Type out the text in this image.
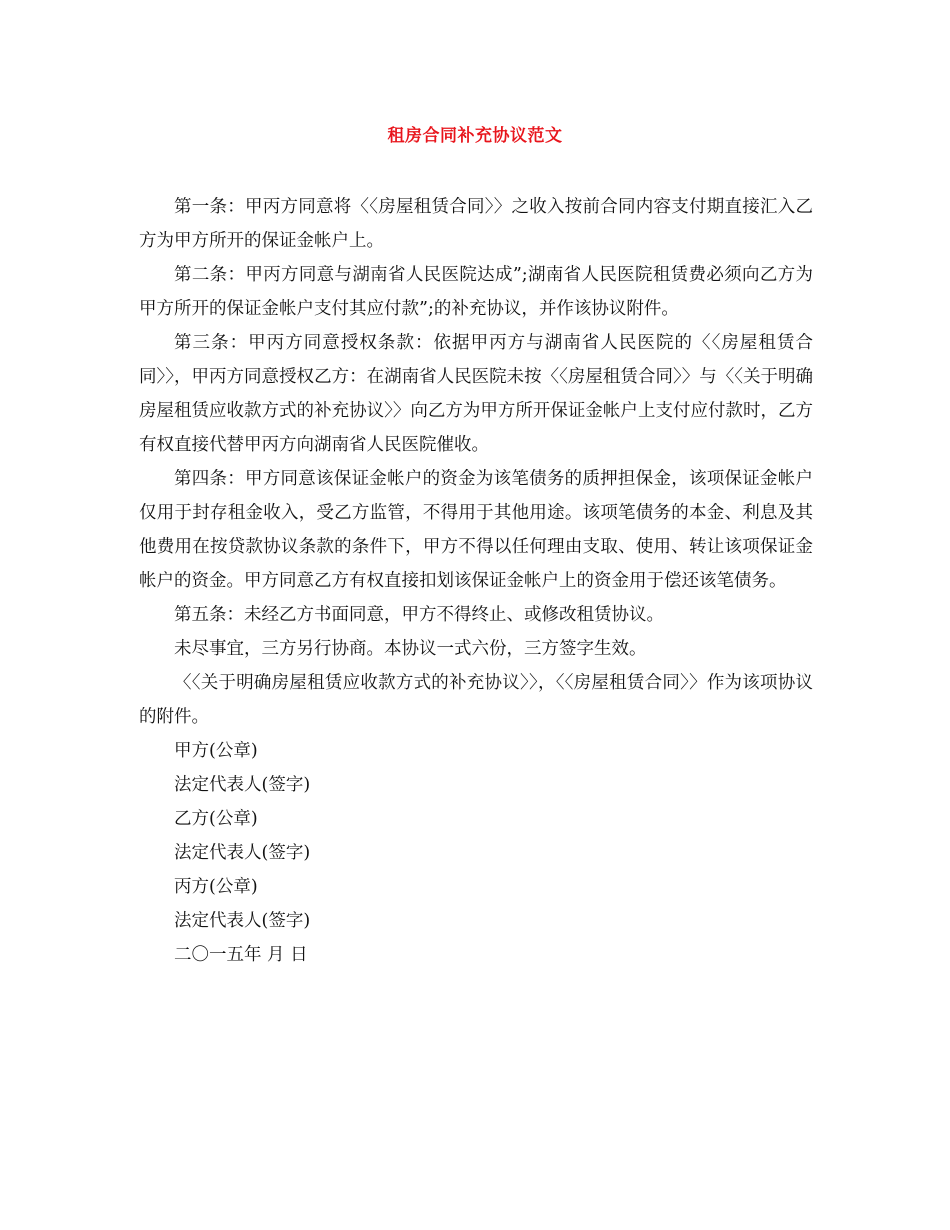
租房合同补充协议范文

第一条：甲丙方同意将〈〈房屋租赁合同〉〉之收入按前合同内容支付期直接汇入乙方为甲方所开的保证金帐户上。

第二条：甲丙方同意与湖南省人民医院达成”;湖南省人民医院租赁费必须向乙方为甲方所开的保证金帐户支付其应付款”;的补充协议，并作该协议附件。

第三条：甲丙方同意授权条款：依据甲丙方与湖南省人民医院的〈〈房屋租赁合同〉〉，甲丙方同意授权乙方：在湖南省人民医院未按〈〈房屋租赁合同〉〉与〈〈关于明确房屋租赁应收款方式的补充协议〉〉向乙方为甲方所开保证金帐户上支付应付款时，乙方有权直接代替甲丙方向湖南省人民医院催收。

第四条：甲方同意该保证金帐户的资金为该笔债务的质押担保金，该项保证金帐户仅用于封存租金收入，受乙方监管，不得用于其他用途。该项笔债务的本金、利息及其他费用在按贷款协议条款的条件下，甲方不得以任何理由支取、使用、转让该项保证金帐户的资金。甲方同意乙方有权直接扣划该保证金帐户上的资金用于偿还该笔债务。

第五条：未经乙方书面同意，甲方不得终止、或修改租赁协议。

未尽事宜，三方另行协商。本协议一式六份，三方签字生效。

〈〈关于明确房屋租赁应收款方式的补充协议〉〉，〈〈房屋租赁合同〉〉作为该项协议的附件。

甲方(公章)

法定代表人(签字)

乙方(公章)

法定代表人(签字)

丙方(公章)

法定代表人(签字)

二〇一五年 月 日
